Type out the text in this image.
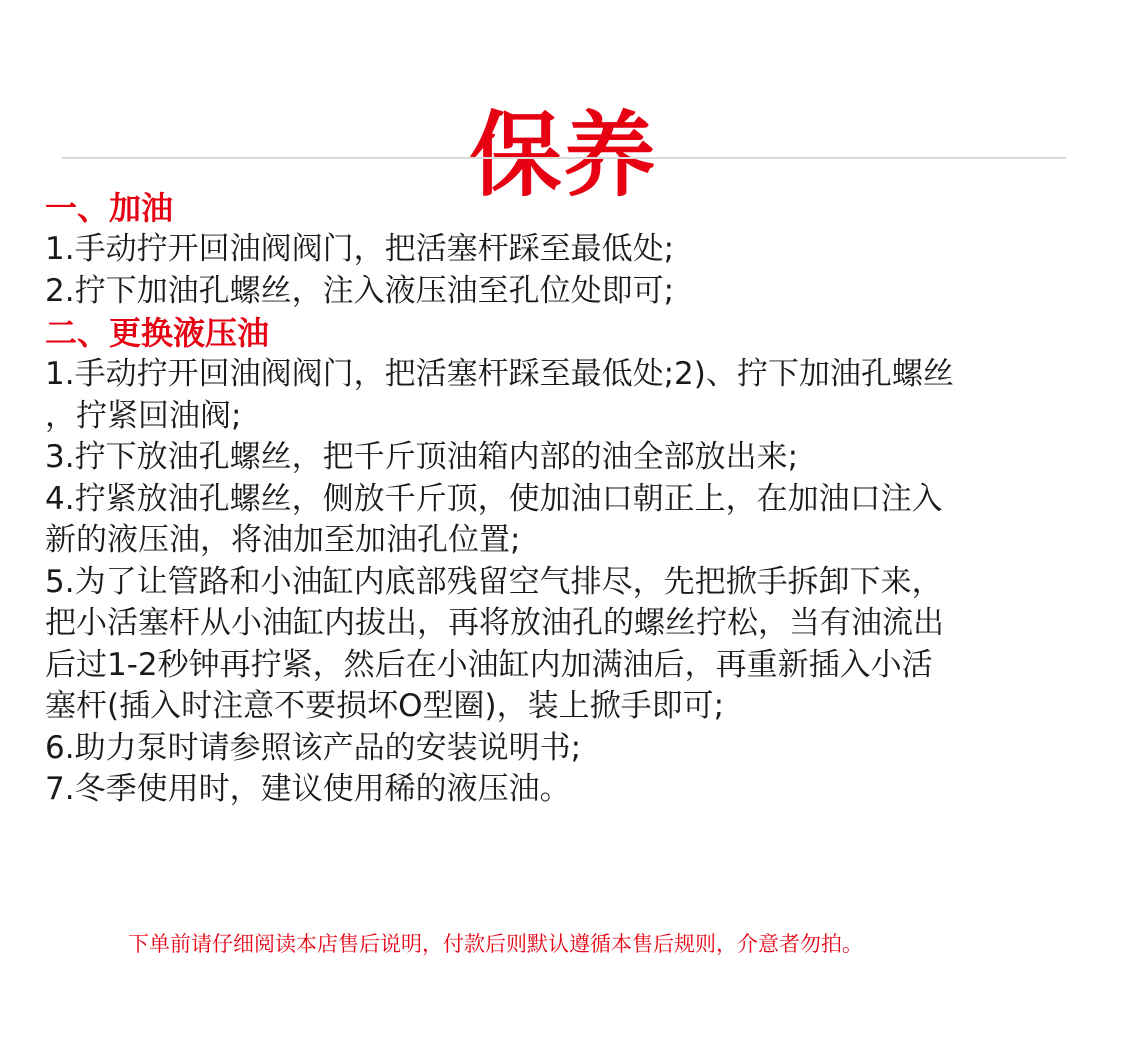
保养

一、加油

1.手动拧开回油阀阀门，把活塞杆踩至最低处;

2.拧下加油孔螺丝，注入液压油至孔位处即可;

二、更换液压油

1.手动拧开回油阀阀门，把活塞杆踩至最低处;2)、拧下加油孔螺丝

，拧紧回油阀;

3.拧下放油孔螺丝，把千斤顶油箱内部的油全部放出来;

4.拧紧放油孔螺丝，侧放千斤顶，使加油口朝正上，在加油口注入

新的液压油，将油加至加油孔位置;

5.为了让管路和小油缸内底部残留空气排尽，先把掀手拆卸下来，

把小活塞杆从小油缸内拔出，再将放油孔的螺丝拧松，当有油流出

后过1-2秒钟再拧紧，然后在小油缸内加满油后，再重新插入小活

塞杆(插入时注意不要损坏O型圈)，装上掀手即可;

6.助力泵时请参照该产品的安装说明书;

7.冬季使用时，建议使用稀的液压油。

下单前请仔细阅读本店售后说明，付款后则默认遵循本售后规则，介意者勿拍。
